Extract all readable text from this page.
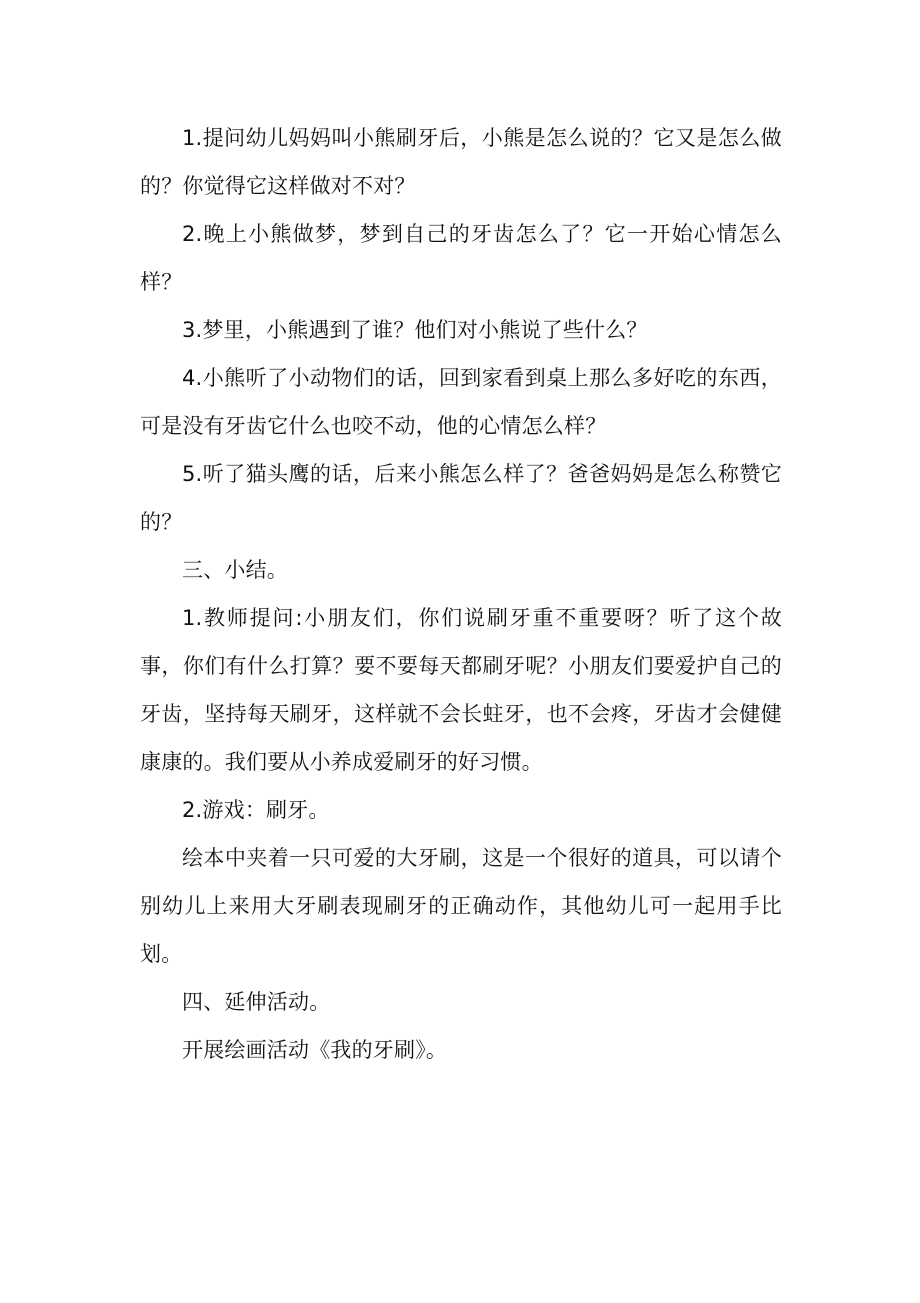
1.提问幼儿妈妈叫小熊刷牙后，小熊是怎么说的？它又是怎么做的？你觉得它这样做对不对？

2.晚上小熊做梦，梦到自己的牙齿怎么了？它一开始心情怎么样？

3.梦里，小熊遇到了谁？他们对小熊说了些什么？

4.小熊听了小动物们的话，回到家看到桌上那么多好吃的东西，可是没有牙齿它什么也咬不动，他的心情怎么样？

5.听了猫头鹰的话，后来小熊怎么样了？爸爸妈妈是怎么称赞它的？

三、小结。

1.教师提问:小朋友们，你们说刷牙重不重要呀？听了这个故事，你们有什么打算？要不要每天都刷牙呢？小朋友们要爱护自己的牙齿，坚持每天刷牙，这样就不会长蛀牙，也不会疼，牙齿才会健健康康的。我们要从小养成爱刷牙的好习惯。

2.游戏：刷牙。

绘本中夹着一只可爱的大牙刷，这是一个很好的道具，可以请个别幼儿上来用大牙刷表现刷牙的正确动作，其他幼儿可一起用手比划。

四、延伸活动。

开展绘画活动《我的牙刷》。
